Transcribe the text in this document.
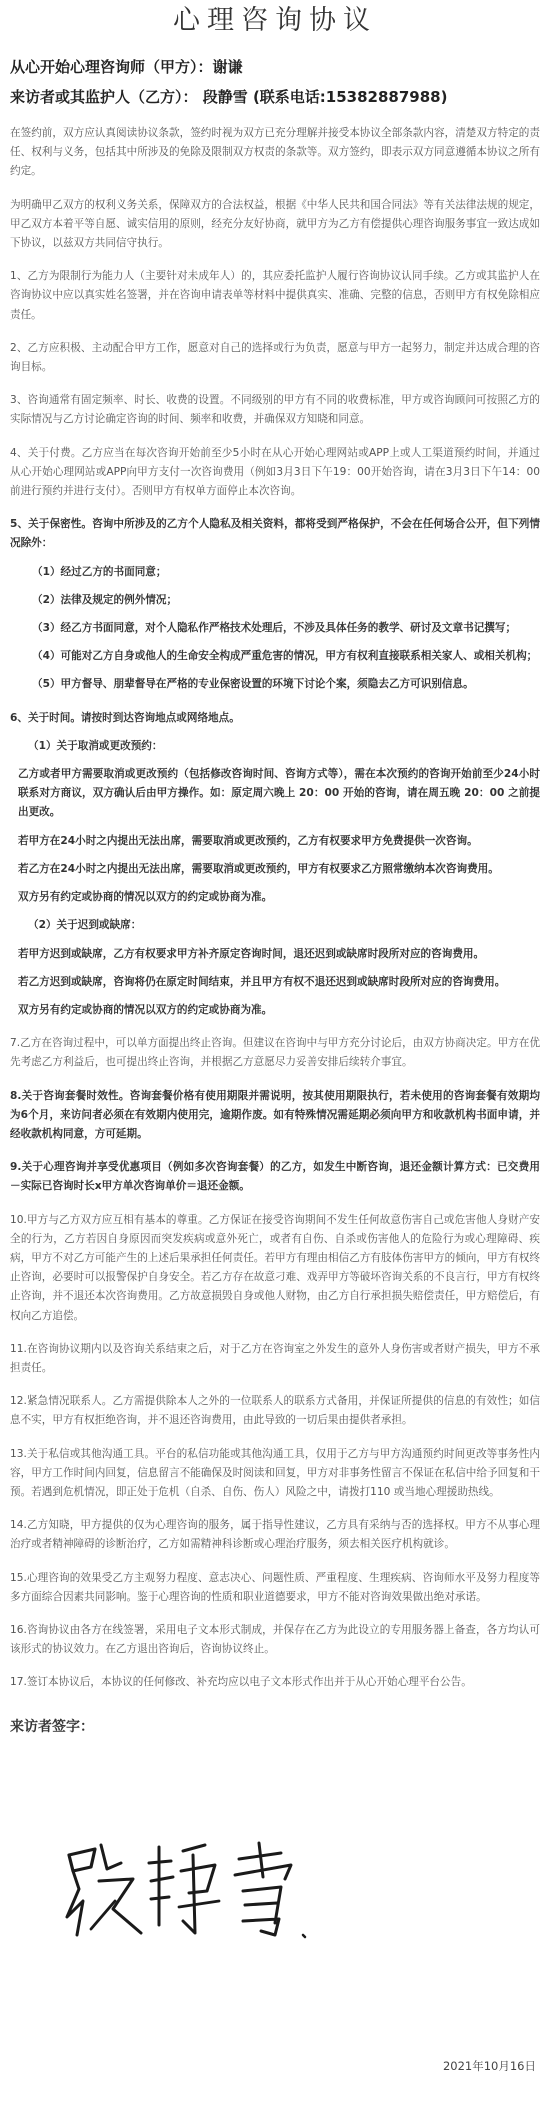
心理咨询协议

从心开始心理咨询师（甲方）：谢谦

来访者或其监护人（乙方）： 段静雪 (联系电话:15382887988)

在签约前，双方应认真阅读协议条款，签约时视为双方已充分理解并接受本协议全部条款内容，清楚双方特定的责任、权利与义务，包括其中所涉及的免除及限制双方权责的条款等。双方签约，即表示双方同意遵循本协议之所有约定。

为明确甲乙双方的权利义务关系，保障双方的合法权益，根据《中华人民共和国合同法》等有关法律法规的规定，甲乙双方本着平等自愿、诚实信用的原则，经充分友好协商，就甲方为乙方有偿提供心理咨询服务事宜一致达成如下协议，以兹双方共同信守执行。

1、乙方为限制行为能力人（主要针对未成年人）的，其应委托监护人履行咨询协议认同手续。乙方或其监护人在咨询协议中应以真实姓名签署，并在咨询申请表单等材料中提供真实、准确、完整的信息，否则甲方有权免除相应责任。

2、乙方应积极、主动配合甲方工作，愿意对自己的选择或行为负责，愿意与甲方一起努力，制定并达成合理的咨询目标。

3、咨询通常有固定频率、时长、收费的设置。不同级别的甲方有不同的收费标准，甲方或咨询顾问可按照乙方的实际情况与乙方讨论确定咨询的时间、频率和收费，并确保双方知晓和同意。

4、关于付费。乙方应当在每次咨询开始前至少5小时在从心开始心理网站或APP上或人工渠道预约时间，并通过从心开始心理网站或APP向甲方支付一次咨询费用（例如3月3日下午19：00开始咨询，请在3月3日下午14：00前进行预约并进行支付）。否则甲方有权单方面停止本次咨询。

5、关于保密性。咨询中所涉及的乙方个人隐私及相关资料，都将受到严格保护，不会在任何场合公开，但下列情况除外：

（1）经过乙方的书面同意；

（2）法律及规定的例外情况；

（3）经乙方书面同意，对个人隐私作严格技术处理后，不涉及具体任务的教学、研讨及文章书记撰写；

（4）可能对乙方自身或他人的生命安全构成严重危害的情况，甲方有权利直接联系相关家人、或相关机构；

（5）甲方督导、朋辈督导在严格的专业保密设置的环境下讨论个案，须隐去乙方可识别信息。

6、关于时间。请按时到达咨询地点或网络地点。

（1）关于取消或更改预约：

乙方或者甲方需要取消或更改预约（包括修改咨询时间、咨询方式等），需在本次预约的咨询开始前至少24小时联系对方商议，双方确认后由甲方操作。如：原定周六晚上 20：00 开始的咨询，请在周五晚 20：00 之前提出更改。

若甲方在24小时之内提出无法出席，需要取消或更改预约，乙方有权要求甲方免费提供一次咨询。

若乙方在24小时之内提出无法出席，需要取消或更改预约，甲方有权要求乙方照常缴纳本次咨询费用。

双方另有约定或协商的情况以双方的约定或协商为准。

（2）关于迟到或缺席：

若甲方迟到或缺席，乙方有权要求甲方补齐原定咨询时间，退还迟到或缺席时段所对应的咨询费用。

若乙方迟到或缺席，咨询将仍在原定时间结束，并且甲方有权不退还迟到或缺席时段所对应的咨询费用。

双方另有约定或协商的情况以双方的约定或协商为准。

7.乙方在咨询过程中，可以单方面提出终止咨询。但建议在咨询中与甲方充分讨论后，由双方协商决定。甲方在优先考虑乙方利益后，也可提出终止咨询，并根据乙方意愿尽力妥善安排后续转介事宜。

8.关于咨询套餐时效性。咨询套餐价格有使用期限并需说明，按其使用期限执行，若未使用的咨询套餐有效期均为6个月，来访问者必须在有效期内使用完，逾期作废。如有特殊情况需延期必须向甲方和收款机构书面申请，并经收款机构同意，方可延期。

9.关于心理咨询并享受优惠项目（例如多次咨询套餐）的乙方，如发生中断咨询，退还金额计算方式：已交费用－实际已咨询时长x甲方单次咨询单价＝退还金额。

10.甲方与乙方双方应互相有基本的尊重。乙方保证在接受咨询期间不发生任何故意伤害自己或危害他人身财产安全的行为，乙方若因自身原因而突发疾病或意外死亡，或者有自伤、自杀或伤害他人的危险行为或心理障碍、疾病，甲方不对乙方可能产生的上述后果承担任何责任。若甲方有理由相信乙方有肢体伤害甲方的倾向，甲方有权终止咨询，必要时可以报警保护自身安全。若乙方存在故意刁难、戏弄甲方等破坏咨询关系的不良言行，甲方有权终止咨询，并不退还本次咨询费用。乙方故意损毁自身或他人财物，由乙方自行承担损失赔偿责任，甲方赔偿后，有权向乙方追偿。

11.在咨询协议期内以及咨询关系结束之后，对于乙方在咨询室之外发生的意外人身伤害或者财产损失，甲方不承担责任。

12.紧急情况联系人。乙方需提供除本人之外的一位联系人的联系方式备用，并保证所提供的信息的有效性；如信息不实，甲方有权拒绝咨询，并不退还咨询费用，由此导致的一切后果由提供者承担。

13.关于私信或其他沟通工具。平台的私信功能或其他沟通工具，仅用于乙方与甲方沟通预约时间更改等事务性内容，甲方工作时间内回复，信息留言不能确保及时阅读和回复，甲方对非事务性留言不保证在私信中给予回复和干预。若遇到危机情况，即正处于危机（自杀、自伤、伤人）风险之中，请拨打110 或当地心理援助热线。

14.乙方知晓，甲方提供的仅为心理咨询的服务，属于指导性建议，乙方具有采纳与否的选择权。甲方不从事心理治疗或者精神障碍的诊断治疗，乙方如需精神科诊断或心理治疗服务，须去相关医疗机构就诊。

15.心理咨询的效果受乙方主观努力程度、意志决心、问题性质、严重程度、生理疾病、咨询师水平及努力程度等多方面综合因素共同影响。鉴于心理咨询的性质和职业道德要求，甲方不能对咨询效果做出绝对承诺。

16.咨询协议由各方在线签署，采用电子文本形式制成，并保存在乙方为此设立的专用服务器上备查，各方均认可该形式的协议效力。在乙方退出咨询后，咨询协议终止。

17.签订本协议后，本协议的任何修改、补充均应以电子文本形式作出并于从心开始心理平台公告。

来访者签字：

2021年10月16日
